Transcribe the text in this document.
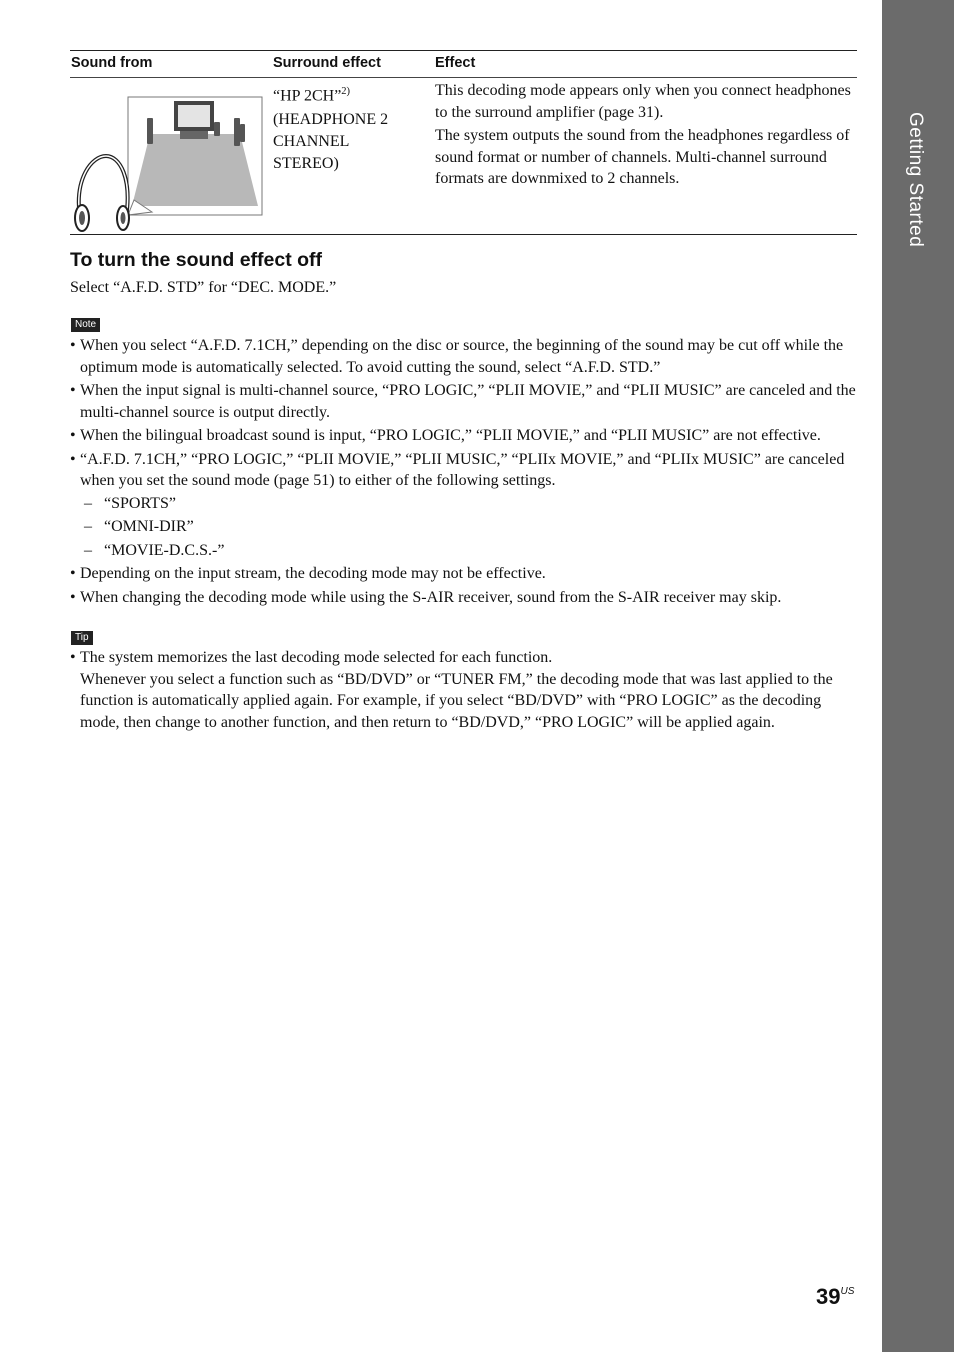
Getting Started
Sound from	Surround effect	Effect
“HP 2CH”$^{2)}$

(HEADPHONE 2 CHANNEL STEREO)

This decoding mode appears only when you connect headphones to the surround amplifier (page 31).

The system outputs the sound from the headphones regardless of sound format or number of channels. Multi-channel surround formats are downmixed to 2 channels.

To turn the sound effect off

Select “A.F.D. STD” for “DEC. MODE.”

Note
• When you select “A.F.D. 7.1CH,” depending on the disc or source, the beginning of the sound may be cut off while the optimum mode is automatically selected. To avoid cutting the sound, select “A.F.D. STD.”
• When the input signal is multi-channel source, “PRO LOGIC,” “PLII MOVIE,” and “PLII MUSIC” are canceled and the multi-channel source is output directly.
• When the bilingual broadcast sound is input, “PRO LOGIC,” “PLII MOVIE,” and “PLII MUSIC” are not effective.
• “A.F.D. 7.1CH,” “PRO LOGIC,” “PLII MOVIE,” “PLII MUSIC,” “PLIIx MOVIE,” and “PLIIx MUSIC” are canceled when you set the sound mode (page 51) to either of the following settings.
– “SPORTS”
– “OMNI-DIR”
– “MOVIE-D.C.S.-”
• Depending on the input stream, the decoding mode may not be effective.
• When changing the decoding mode while using the S-AIR receiver, sound from the S-AIR receiver may skip.
Tip
• The system memorizes the last decoding mode selected for each function.
Whenever you select a function such as “BD/DVD” or “TUNER FM,” the decoding mode that was last applied to the function is automatically applied again. For example, if you select “BD/DVD” with “PRO LOGIC” as the decoding mode, then change to another function, and then return to “BD/DVD,” “PRO LOGIC” will be applied again.
$39^{US}$
